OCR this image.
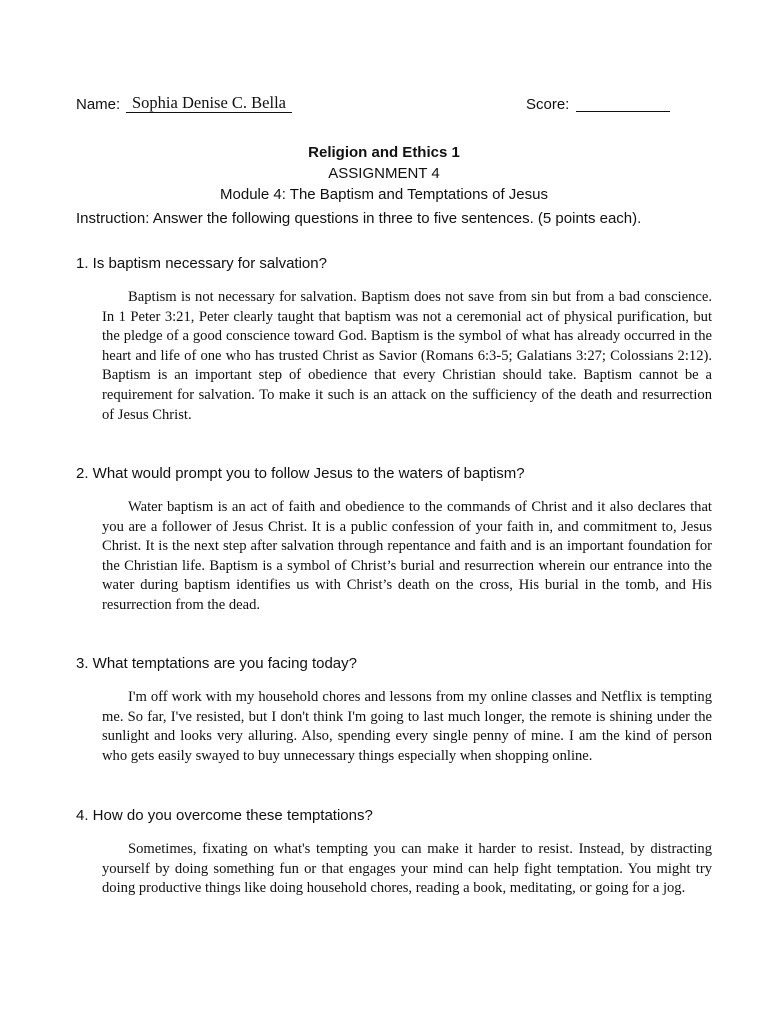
Name: Sophia Denise C. Bella	Score:
Religion and Ethics 1
ASSIGNMENT 4
Module 4: The Baptism and Temptations of Jesus
Instruction: Answer the following questions in three to five sentences. (5 points each).
1. Is baptism necessary for salvation?
Baptism is not necessary for salvation. Baptism does not save from sin but from a bad conscience. In 1 Peter 3:21, Peter clearly taught that baptism was not a ceremonial act of physical purification, but the pledge of a good conscience toward God. Baptism is the symbol of what has already occurred in the heart and life of one who has trusted Christ as Savior (Romans 6:3-5; Galatians 3:27; Colossians 2:12). Baptism is an important step of obedience that every Christian should take. Baptism cannot be a requirement for salvation. To make it such is an attack on the sufficiency of the death and resurrection of Jesus Christ.
2. What would prompt you to follow Jesus to the waters of baptism?
Water baptism is an act of faith and obedience to the commands of Christ and it also declares that you are a follower of Jesus Christ. It is a public confession of your faith in, and commitment to, Jesus Christ. It is the next step after salvation through repentance and faith and is an important foundation for the Christian life. Baptism is a symbol of Christ’s burial and resurrection wherein our entrance into the water during baptism identifies us with Christ’s death on the cross, His burial in the tomb, and His resurrection from the dead.
3. What temptations are you facing today?
I'm off work with my household chores and lessons from my online classes and Netflix is tempting me. So far, I've resisted, but I don't think I'm going to last much longer, the remote is shining under the sunlight and looks very alluring. Also, spending every single penny of mine. I am the kind of person who gets easily swayed to buy unnecessary things especially when shopping online.
4. How do you overcome these temptations?
Sometimes, fixating on what's tempting you can make it harder to resist. Instead, by distracting yourself by doing something fun or that engages your mind can help fight temptation. You might try doing productive things like doing household chores, reading a book, meditating, or going for a jog.
